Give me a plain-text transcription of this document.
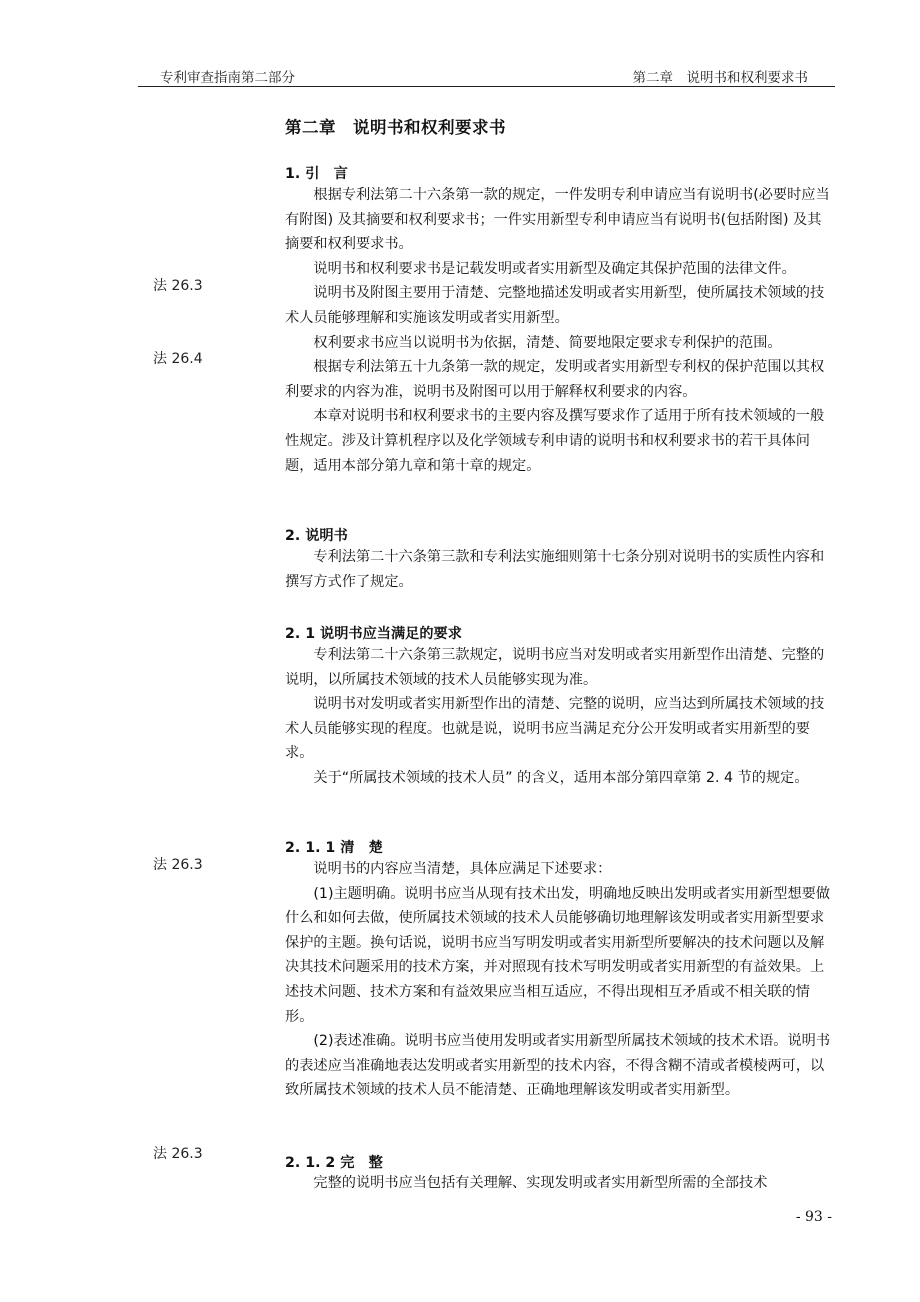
专利审查指南第二部分	第二章　说明书和权利要求书
第二章　说明书和权利要求书
1. 引　言

根据专利法第二十六条第一款的规定，一件发明专利申请应当有说明书(必要时应当有附图) 及其摘要和权利要求书；一件实用新型专利申请应当有说明书(包括附图) 及其摘要和权利要求书。

说明书和权利要求书是记载发明或者实用新型及确定其保护范围的法律文件。

说明书及附图主要用于清楚、完整地描述发明或者实用新型，使所属技术领域的技术人员能够理解和实施该发明或者实用新型。

权利要求书应当以说明书为依据，清楚、简要地限定要求专利保护的范围。

根据专利法第五十九条第一款的规定，发明或者实用新型专利权的保护范围以其权利要求的内容为准，说明书及附图可以用于解释权利要求的内容。

本章对说明书和权利要求书的主要内容及撰写要求作了适用于所有技术领域的一般性规定。涉及计算机程序以及化学领域专利申请的说明书和权利要求书的若干具体问题，适用本部分第九章和第十章的规定。

2. 说明书

专利法第二十六条第三款和专利法实施细则第十七条分别对说明书的实质性内容和撰写方式作了规定。

2. 1 说明书应当满足的要求

专利法第二十六条第三款规定，说明书应当对发明或者实用新型作出清楚、完整的说明，以所属技术领域的技术人员能够实现为准。

说明书对发明或者实用新型作出的清楚、完整的说明，应当达到所属技术领域的技术人员能够实现的程度。也就是说，说明书应当满足充分公开发明或者实用新型的要求。

关于“所属技术领域的技术人员” 的含义，适用本部分第四章第 2. 4 节的规定。

2. 1. 1 清　楚

说明书的内容应当清楚，具体应满足下述要求：

(1)主题明确。说明书应当从现有技术出发，明确地反映出发明或者实用新型想要做什么和如何去做，使所属技术领域的技术人员能够确切地理解该发明或者实用新型要求保护的主题。换句话说，说明书应当写明发明或者实用新型所要解决的技术问题以及解决其技术问题采用的技术方案，并对照现有技术写明发明或者实用新型的有益效果。上述技术问题、技术方案和有益效果应当相互适应，不得出现相互矛盾或不相关联的情形。

(2)表述准确。说明书应当使用发明或者实用新型所属技术领域的技术术语。说明书的表述应当准确地表达发明或者实用新型的技术内容，不得含糊不清或者模棱两可，以致所属技术领域的技术人员不能清楚、正确地理解该发明或者实用新型。

2. 1. 2 完　整

完整的说明书应当包括有关理解、实现发明或者实用新型所需的全部技术

法 26.3
法 26.4
法 26.3
法 26.3
- 93 -
